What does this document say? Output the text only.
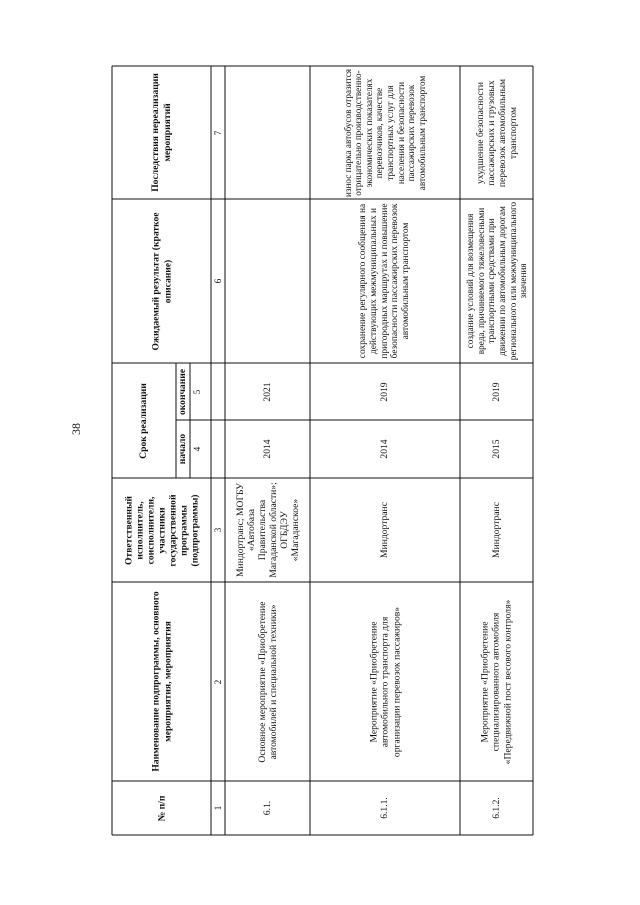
38
№ п/п
Наименование подпрограммы, основного мероприятия, мероприятия
Ответственный исполнитель, соисполнители, участники государственной программы (подпрограммы)
Срок реализации	начало
окончание
Ожидаемый результат (краткое описание)
Последствия нереализации мероприятий
1
2
3
4
5
6
7
6.1.
Основное мероприятие «Приобретение автомобилей и специальной техники»
Миндортранс; МОГБУ «Автобаза Правительства Магаданской области»; ОГБДЭУ «Магаданское»
2014
2021
6.1.1.
Мероприятие «Приобретение автомобильного транспорта для организации перевозок пассажиров»
Миндортранс
2014
2019
сохранение регулярного сообщения на действующих межмуниципальных и пригородных маршрутах и повышение безопасности пассажирских перевозок автомобильным транспортом
износ парка автобусов отразится отрицательно производственно-экономических показателях перевозчиков, качестве транспортных услуг для населения и безопасности пассажирских перевозок автомобильным транспортом
6.1.2.
Мероприятие «Приобретение специализированного автомобиля «Передвижной пост весового контроля»
Миндортранс
2015
2019
создание условий для возмещения вреда, причиняемого тяжеловесными транспортными средствами при движении по автомобильным дорогам регионального или межмуниципального значения
ухудшение безопасности пассажирских и грузовых перевозок автомобильным транспортом
